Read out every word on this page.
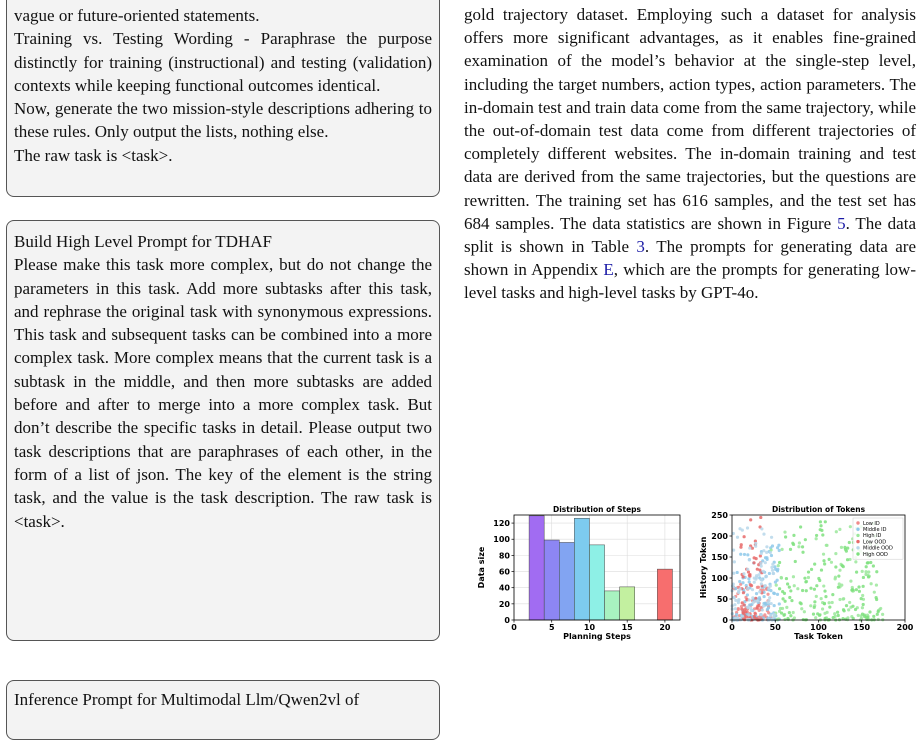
vague or future-oriented statements.

Training vs. Testing Wording - Paraphrase the purpose distinctly for training (instructional) and testing (validation) contexts while keeping functional outcomes identical.

Now, generate the two mission-style descriptions adhering to these rules. Only output the lists, nothing else.

The raw task is <task>.

Build High Level Prompt for TDHAF

Please make this task more complex, but do not change the parameters in this task. Add more subtasks after this task, and rephrase the original task with synonymous expressions. This task and subsequent tasks can be combined into a more complex task. More complex means that the current task is a subtask in the middle, and then more subtasks are added before and after to merge into a more complex task. But don’t describe the specific tasks in detail. Please output two task descriptions that are paraphrases of each other, in the form of a list of json. The key of the element is the string task, and the value is the task description. The raw task is <task>.

Inference Prompt for Multimodal Llm/Qwen2vl of

gold trajectory dataset. Employing such a dataset for analysis offers more significant advantages, as it enables fine-grained examination of the model’s behavior at the single-step level, including the target numbers, action types, action parameters. The in-domain test and train data come from the same trajectory, while the out-of-domain test data come from different trajectories of completely different websites. The in-domain training and test data are derived from the same trajectories, but the questions are rewritten. The training set has 616 samples, and the test set has 684 samples. The data statistics are shown in Figure 5. The data split is shown in Table 3. The prompts for generating data are shown in Appendix E, which are the prompts for generating low-level tasks and high-level tasks by GPT-4o.

0	5	10	15	20
0
20
40
60
80
100
120
Distribution of Steps
Planning Steps
Data size
0	50	100	150	200
0
50
100
150
200
250
Distribution of Tokens
Task Token
History Token
Low ID
Middle ID
High ID
Low OOD
Middle OOD
High OOD
